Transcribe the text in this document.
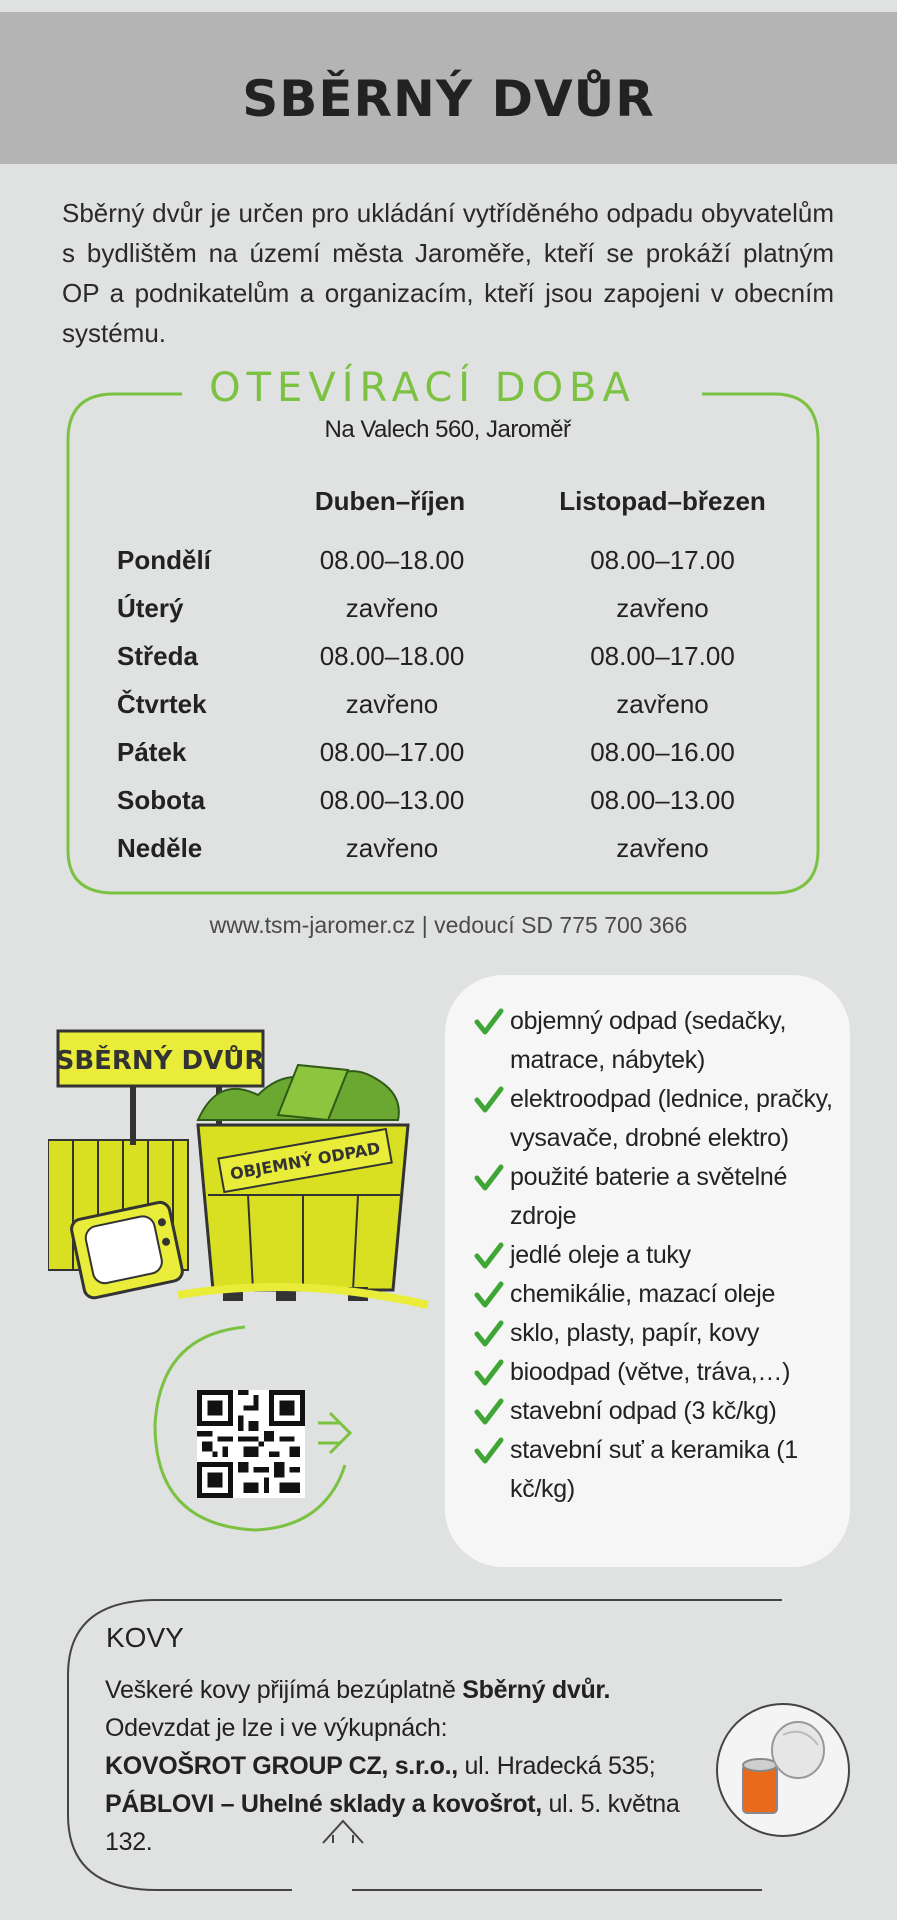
SBĚRNÝ DVŮR
Sběrný dvůr je určen pro ukládání vytříděného odpadu obyvatelům s bydlištěm na území města Jaroměře, kteří se prokáží platným OP a podnikatelům a organizacím, kteří jsou zapojeni v obecním systému.
OTEVÍRACÍ DOBA
Na Valech 560, Jaroměř
Duben–říjen	Listopad–březen
Pondělí	08.00–18.00	08.00–17.00
Úterý	zavřeno	zavřeno
Středa	08.00–18.00	08.00–17.00
Čtvrtek	zavřeno	zavřeno
Pátek	08.00–17.00	08.00–16.00
Sobota	08.00–13.00	08.00–13.00
Neděle	zavřeno	zavřeno
www.tsm-jaromer.cz | vedoucí SD 775 700 366
SBĚRNÝ DVŮR
OBJEMNÝ ODPAD
objemný odpad (sedačky, matrace, nábytek)
elektroodpad (lednice, pračky, vysavače, drobné elektro)
použité baterie a světelné zdroje
jedlé oleje a tuky
chemikálie, mazací oleje
sklo, plasty, papír, kovy
bioodpad (větve, tráva,…)
stavební odpad (3 kč/kg)
stavební suť a keramika (1 kč/kg)
KOVY
Veškeré kovy přijímá bezúplatně Sběrný dvůr.
Odevzdat je lze i ve výkupnách:
KOVOŠROT GROUP CZ, s.r.o., ul. Hradecká 535;
PÁBLOVI – Uhelné sklady a kovošrot, ul. 5. května 132.
